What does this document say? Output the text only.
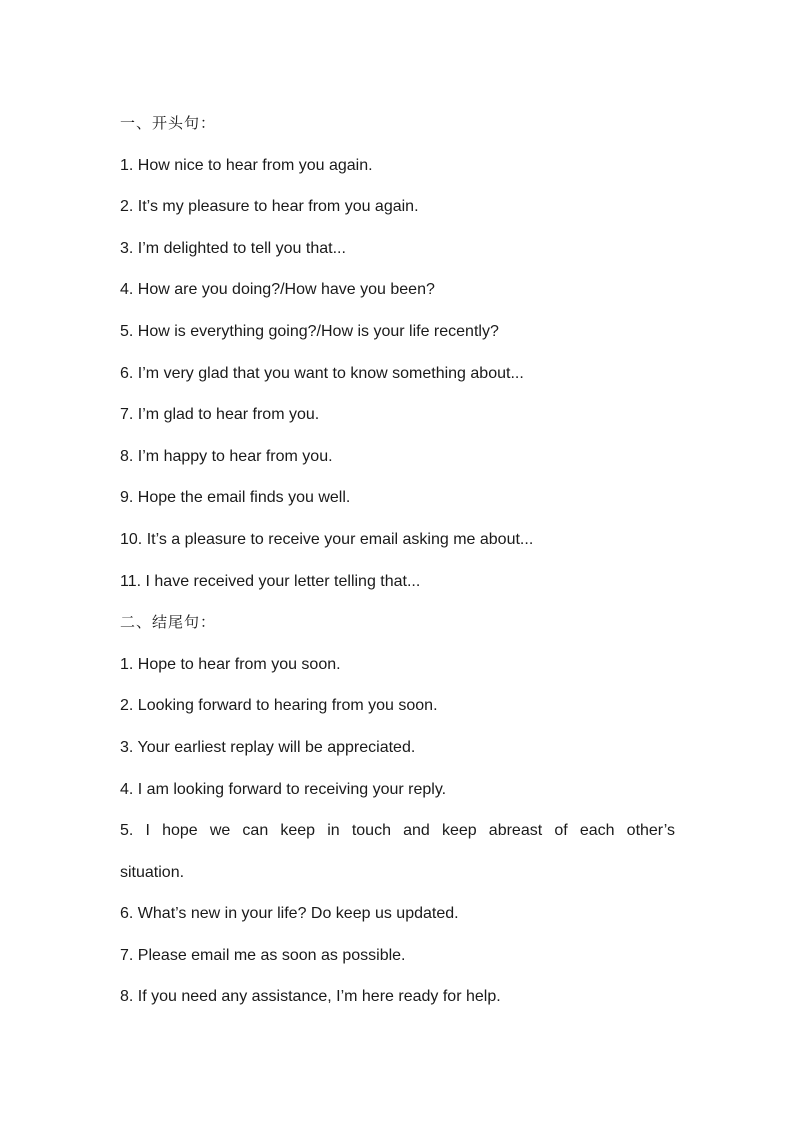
一、开头句：
1. How nice to hear from you again.
2. It’s my pleasure to hear from you again.
3. I’m delighted to tell you that...
4. How are you doing?/How have you been?
5. How is everything going?/How is your life recently?
6. I’m very glad that you want to know something about...
7. I’m glad to hear from you.
8. I’m happy to hear from you.
9. Hope the email finds you well.
10. It’s a pleasure to receive your email asking me about...
11. I have received your letter telling that...
二、结尾句：
1. Hope to hear from you soon.
2. Looking forward to hearing from you soon.
3. Your earliest replay will be appreciated.
4. I am looking forward to receiving your reply.
5. I hope we can keep in touch and keep abreast of each other’s
situation.
6. What’s new in your life? Do keep us updated.
7. Please email me as soon as possible.
8. If you need any assistance, I’m here ready for help.
